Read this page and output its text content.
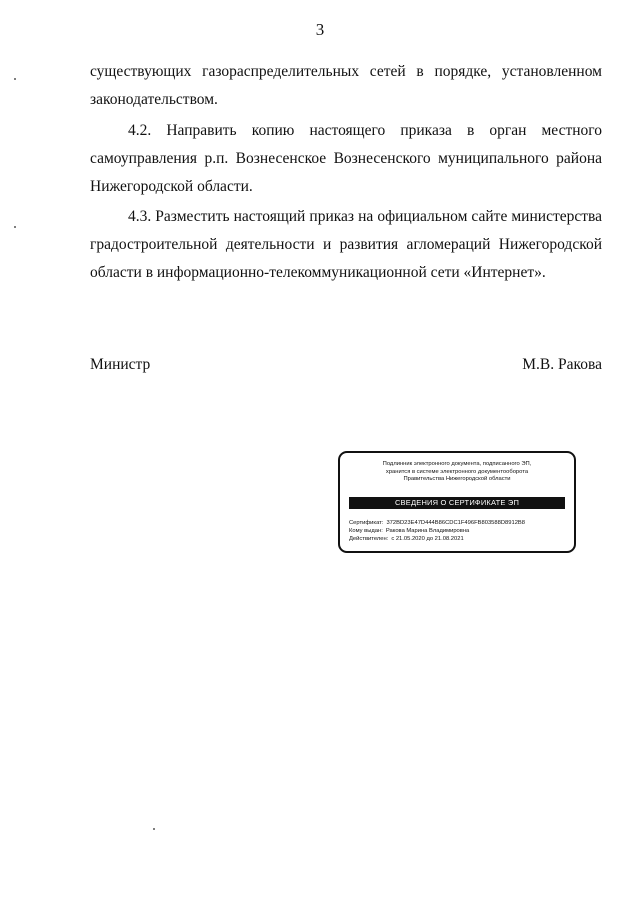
3

существующих газораспределительных сетей в порядке, установленном законодательством.

4.2. Направить копию настоящего приказа в орган местного самоуправления р.п. Вознесенское Вознесенского муниципального района Нижегородской области.

4.3. Разместить настоящий приказ на официальном сайте министерства градостроительной деятельности и развития агломераций Нижегородской области в информационно-телекоммуникационной сети «Интернет».

Министр	М.В. Ракова
Подлинник электронного документа, подписанного ЭП,
хранится в системе электронного документооборота
Правительства Нижегородской области
СВЕДЕНИЯ О СЕРТИФИКАТЕ ЭП
Сертификат: 372BD23E47D444B86CDC1F496FB803588D8912B8
Кому выдан: Ракова Марина Владимировна
Действителен: с 21.05.2020 до 21.08.2021
